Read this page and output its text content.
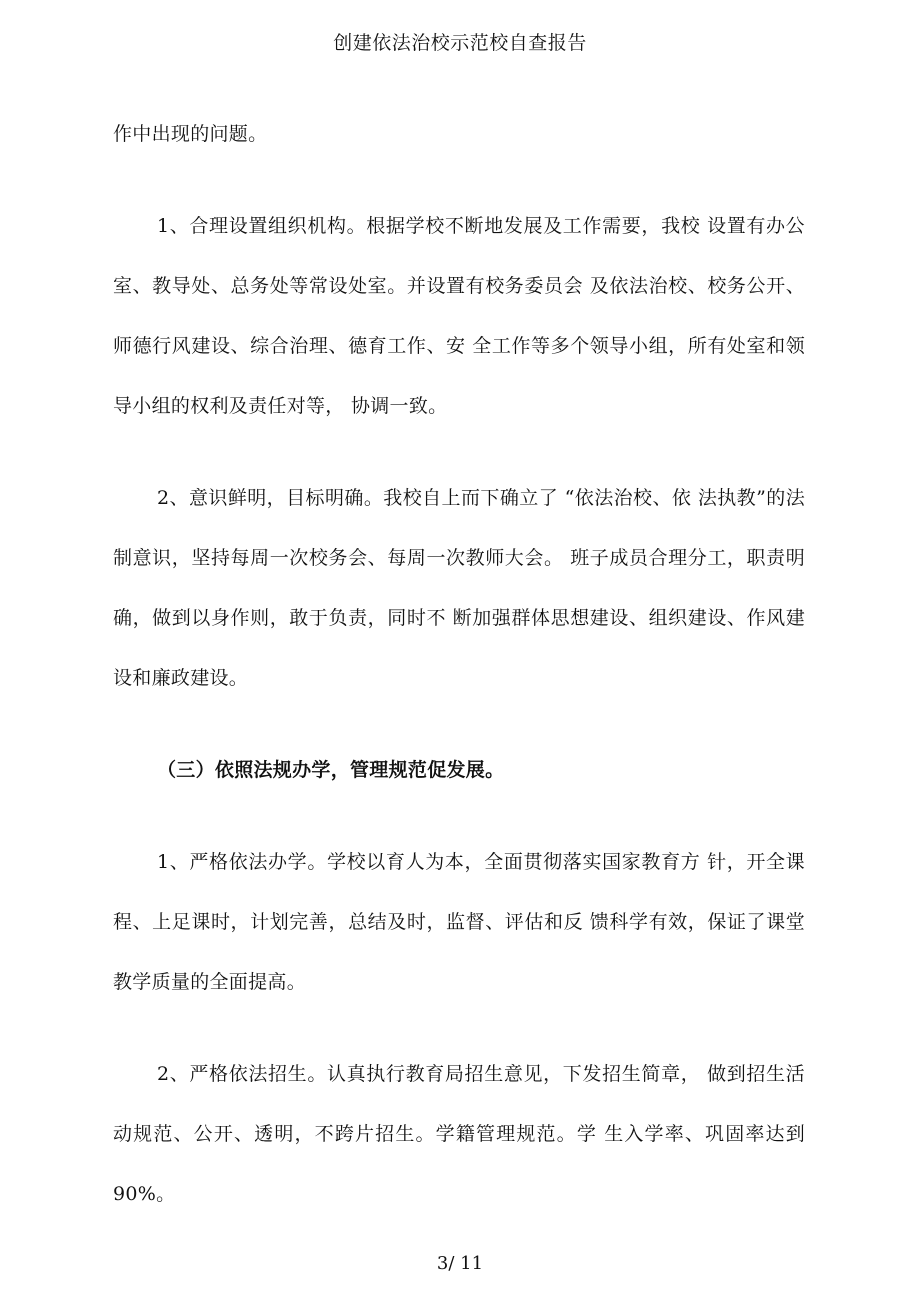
创建依法治校示范校自查报告

作中出现的问题。

1、合理设置组织机构。根据学校不断地发展及工作需要，我校 设置有办公室、教导处、总务处等常设处室。并设置有校务委员会 及依法治校、校务公开、师德行风建设、综合治理、德育工作、安 全工作等多个领导小组，所有处室和领导小组的权利及责任对等， 协调一致。

2、意识鲜明，目标明确。我校自上而下确立了 “依法治校、依 法执教”的法制意识，坚持每周一次校务会、每周一次教师大会。 班子成员合理分工，职责明确，做到以身作则，敢于负责，同时不 断加强群体思想建设、组织建设、作风建设和廉政建设。

（三）依照法规办学，管理规范促发展。

1、严格依法办学。学校以育人为本，全面贯彻落实国家教育方 针，开全课程、上足课时，计划完善，总结及时，监督、评估和反 馈科学有效，保证了课堂教学质量的全面提高。

2、严格依法招生。认真执行教育局招生意见，下发招生简章， 做到招生活动规范、公开、透明，不跨片招生。学籍管理规范。学 生入学率、巩固率达到 90%。

3/ 11
